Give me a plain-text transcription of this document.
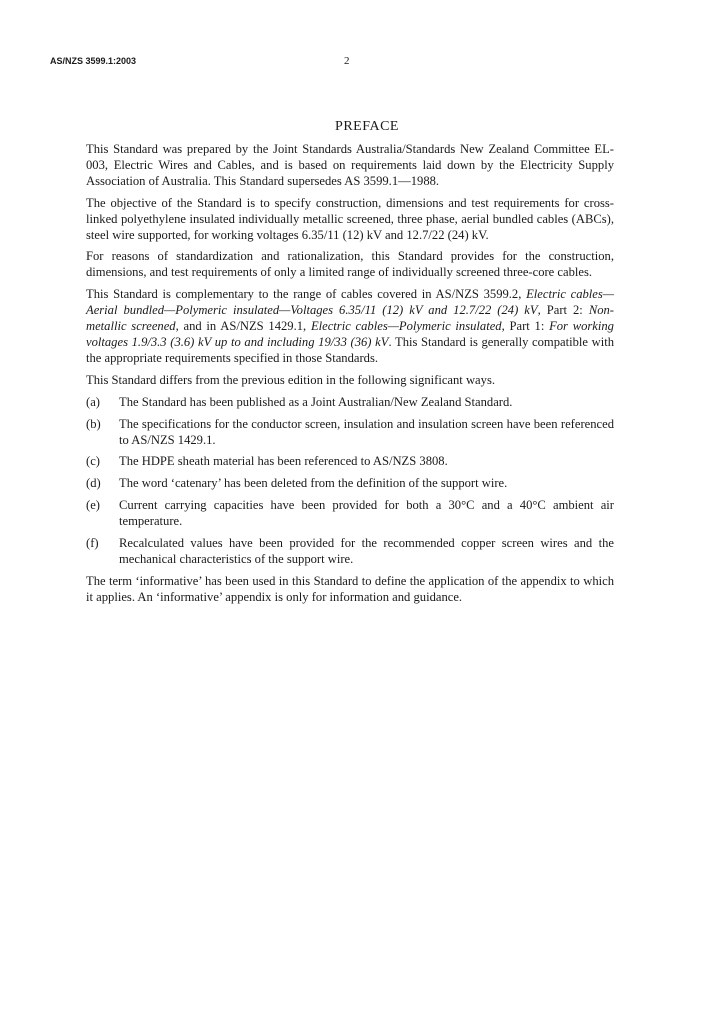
AS/NZS 3599.1:2003	2
PREFACE

This Standard was prepared by the Joint Standards Australia/Standards New Zealand Committee EL-003, Electric Wires and Cables, and is based on requirements laid down by the Electricity Supply Association of Australia. This Standard supersedes AS 3599.1—1988.

The objective of the Standard is to specify construction, dimensions and test requirements for cross-linked polyethylene insulated individually metallic screened, three phase, aerial bundled cables (ABCs), steel wire supported, for working voltages 6.35/11 (12) kV and 12.7/22 (24) kV.

For reasons of standardization and rationalization, this Standard provides for the construction, dimensions, and test requirements of only a limited range of individually screened three-core cables.

This Standard is complementary to the range of cables covered in AS/NZS 3599.2, Electric cables—Aerial bundled—Polymeric insulated—Voltages 6.35/11 (12) kV and 12.7/22 (24) kV, Part 2: Non-metallic screened, and in AS/NZS 1429.1, Electric cables—Polymeric insulated, Part 1: For working voltages 1.9/3.3 (3.6) kV up to and including 19/33 (36) kV. This Standard is generally compatible with the appropriate requirements specified in those Standards.

This Standard differs from the previous edition in the following significant ways.

(a)	The Standard has been published as a Joint Australian/New Zealand Standard.
(b)	The specifications for the conductor screen, insulation and insulation screen have been referenced to AS/NZS 1429.1.
(c)	The HDPE sheath material has been referenced to AS/NZS 3808.
(d)	The word ‘catenary’ has been deleted from the definition of the support wire.
(e)	Current carrying capacities have been provided for both a 30°C and a 40°C ambient air temperature.
(f)	Recalculated values have been provided for the recommended copper screen wires and the mechanical characteristics of the support wire.

The term ‘informative’ has been used in this Standard to define the application of the appendix to which it applies. An ‘informative’ appendix is only for information and guidance.
